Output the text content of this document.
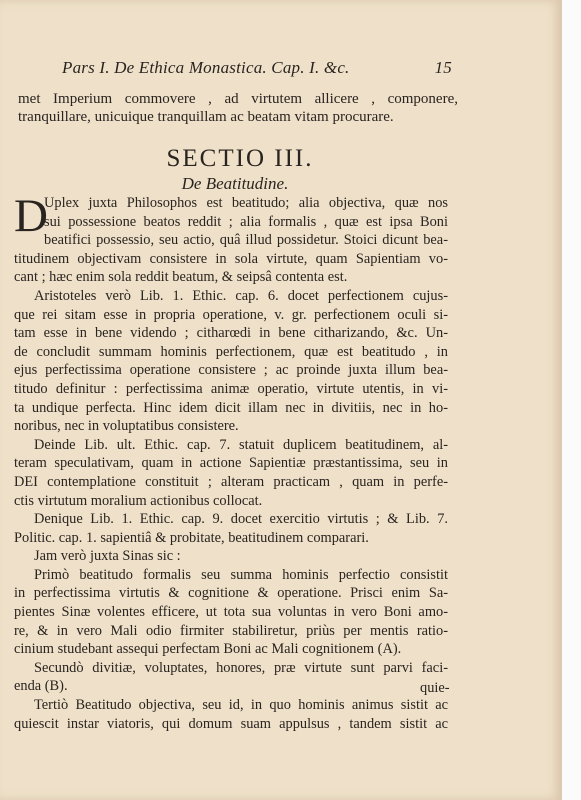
Pars I. De Ethica Monastica. Cap. I. &c.	15
met Imperium commovere , ad virtutem allicere , componere,
tranquillare, unicuique tranquillam ac beatam vitam procurare.
SECTIO III.
De Beatitudine.
D
Uplex juxta Philosophos est beatitudo; alia objectiva, quæ nos
sui possessione beatos reddit ; alia formalis , quæ est ipsa Boni
beatifici possessio, seu actio, quâ illud possidetur. Stoici dicunt bea-
titudinem objectivam consistere in sola virtute, quam Sapientiam vo-
cant ; hæc enim sola reddit beatum, & seipsâ contenta est.
Aristoteles verò Lib. 1. Ethic. cap. 6. docet perfectionem cujus-
que rei sitam esse in propria operatione, v. gr. perfectionem oculi si-
tam esse in bene videndo ; citharœdi in bene citharizando, &c. Un-
de concludit summam hominis perfectionem, quæ est beatitudo , in
ejus perfectissima operatione consistere ; ac proinde juxta illum bea-
titudo definitur : perfectissima animæ operatio, virtute utentis, in vi-
ta undique perfecta. Hinc idem dicit illam nec in divitiis, nec in ho-
noribus, nec in voluptatibus consistere.
Deinde Lib. ult. Ethic. cap. 7. statuit duplicem beatitudinem, al-
teram speculativam, quam in actione Sapientiæ præstantissima, seu in
DEI contemplatione constituit ; alteram practicam , quam in perfe-
ctis virtutum moralium actionibus collocat.
Denique Lib. 1. Ethic. cap. 9. docet exercitio virtutis ; & Lib. 7.
Politic. cap. 1. sapientiâ & probitate, beatitudinem comparari.
Jam verò juxta Sinas sic :
Primò beatitudo formalis seu summa hominis perfectio consistit
in perfectissima virtutis & cognitione & operatione. Prisci enim Sa-
pientes Sinæ volentes efficere, ut tota sua voluntas in vero Boni amo-
re, & in vero Mali odio firmiter stabiliretur, priùs per mentis ratio-
cinium studebant assequi perfectam Boni ac Mali cognitionem (A).
Secundò divitiæ, voluptates, honores, præ virtute sunt parvi faci-
enda (B).
Tertiò Beatitudo objectiva, seu id, in quo hominis animus sistit ac
quiescit instar viatoris, qui domum suam appulsus , tandem sistit ac
quie-
